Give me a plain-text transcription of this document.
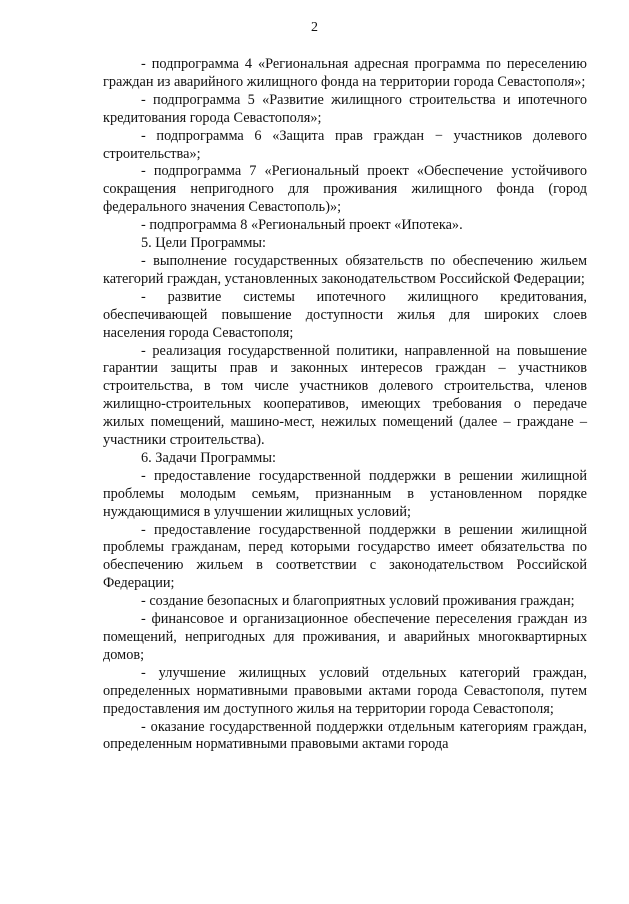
2

- подпрограмма 4 «Региональная адресная программа по переселению граждан из аварийного жилищного фонда на территории города Севастополя»;

- подпрограмма 5 «Развитие жилищного строительства и ипотечного кредитования города Севастополя»;

- подпрограмма 6 «Защита прав граждан − участников долевого строительства»;

- подпрограмма 7 «Региональный проект «Обеспечение устойчивого сокращения непригодного для проживания жилищного фонда (город федерального значения Севастополь)»;

- подпрограмма 8 «Региональный проект «Ипотека».

5. Цели Программы:

- выполнение государственных обязательств по обеспечению жильем категорий граждан, установленных законодательством Российской Федерации;

- развитие системы ипотечного жилищного кредитования, обеспечивающей повышение доступности жилья для широких слоев населения города Севастополя;

- реализация государственной политики, направленной на повышение гарантии защиты прав и законных интересов граждан – участников строительства, в том числе участников долевого строительства, членов жилищно-строительных кооперативов, имеющих требования о передаче жилых помещений, машино-мест, нежилых помещений (далее – граждане – участники строительства).

6. Задачи Программы:

- предоставление государственной поддержки в решении жилищной проблемы молодым семьям, признанным в установленном порядке нуждающимися в улучшении жилищных условий;

- предоставление государственной поддержки в решении жилищной проблемы гражданам, перед которыми государство имеет обязательства по обеспечению жильем в соответствии с законодательством Российской Федерации;

- создание безопасных и благоприятных условий проживания граждан;

- финансовое и организационное обеспечение переселения граждан из помещений, непригодных для проживания, и аварийных многоквартирных домов;

- улучшение жилищных условий отдельных категорий граждан, определенных нормативными правовыми актами города Севастополя, путем предоставления им доступного жилья на территории города Севастополя;

- оказание государственной поддержки отдельным категориям граждан, определенным нормативными правовыми актами города
